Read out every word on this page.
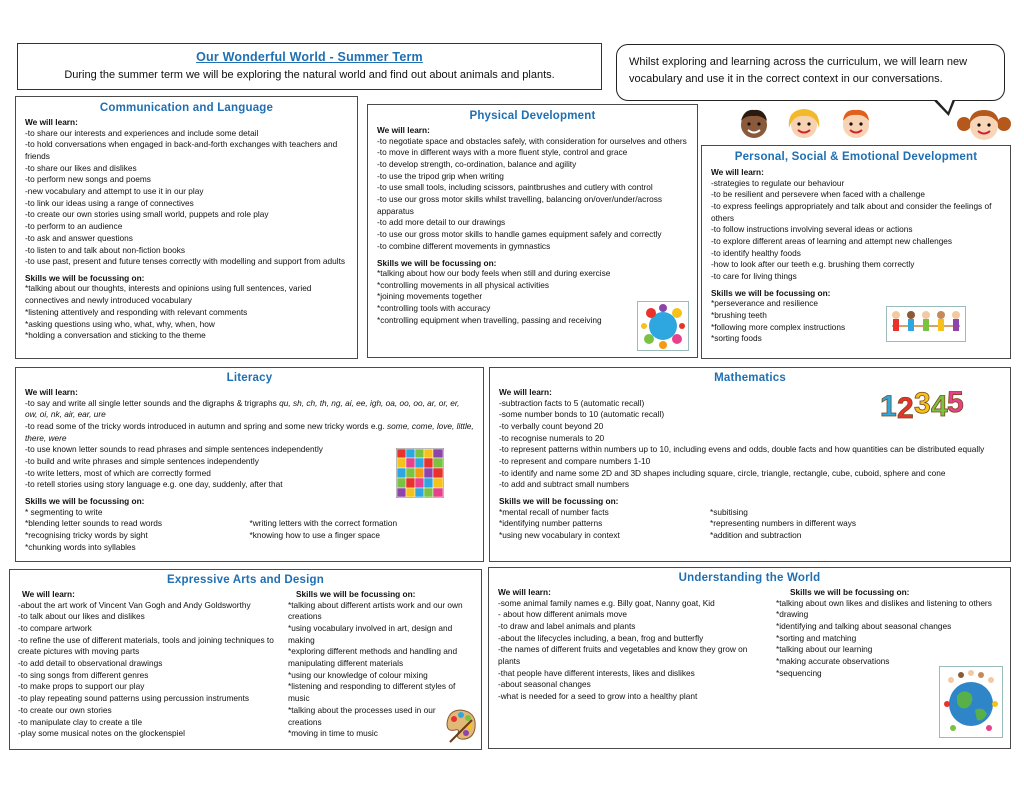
Our Wonderful World - Summer Term
During the summer term we will be exploring the natural world and find out about animals and plants.
Whilst exploring and learning across the curriculum, we will learn new vocabulary and use it in the correct context in our conversations.
Communication and Language
We will learn:
-to share our interests and experiences and include some detail
-to hold conversations when engaged in back-and-forth exchanges with teachers and friends
-to share our likes and dislikes
-to perform new songs and poems
-new vocabulary and attempt to use it in our play
-to link our ideas using a range of connectives
-to create our own stories using small world, puppets and role play
-to perform to an audience
-to ask and answer questions
-to listen to and talk about non-fiction books
-to use past, present and future tenses correctly with modelling and support from adults
Skills we will be focussing on:
*talking about our thoughts, interests and opinions using full sentences, varied connectives and newly introduced vocabulary
*listening attentively and responding with relevant comments
*asking questions using who, what, why, when, how
*holding a conversation and sticking to the theme
Physical Development
We will learn:
-to negotiate space and obstacles safely, with consideration for ourselves and others
-to move in different ways with a more fluent style, control and grace
-to develop strength, co-ordination, balance and agility
-to use the tripod grip when writing
-to use small tools, including scissors, paintbrushes and cutlery with control
-to use our gross motor skills whilst travelling, balancing on/over/under/across apparatus
-to add more detail to our drawings
-to use our gross motor skills to handle games equipment safely and correctly
-to combine different movements in gymnastics
Skills we will be focussing on:
*talking about how our body feels when still and during exercise
*controlling movements in all physical activities
*joining movements together
*controlling tools with accuracy
*controlling equipment when travelling, passing and receiving
Personal, Social & Emotional Development
We will learn:
-strategies to regulate our behaviour
-to be resilient and persevere when faced with a challenge
-to express feelings appropriately and talk about and consider the feelings of others
-to follow instructions involving several ideas or actions
-to explore different areas of learning and attempt new challenges
-to identify healthy foods
-how to look after our teeth e.g. brushing them correctly
-to care for living things
Skills we will be focussing on:
*perseverance and resilience
*brushing teeth
*following more complex instructions
*sorting foods
Literacy
We will learn:
-to say and write all single letter sounds and the digraphs & trigraphs qu, sh, ch, th, ng, ai, ee, igh, oa, oo, oo, ar, or, er, ow, oi, nk, air, ear, ure
-to read some of the tricky words introduced in autumn and spring and some new tricky words e.g. some, come, love, little, there, were
-to use known letter sounds to read phrases and simple sentences independently
-to build and write phrases and simple sentences independently
-to write letters, most of which are correctly formed
-to retell stories using story language e.g. one day, suddenly, after that
Skills we will be focussing on:
* segmenting to write
*blending letter sounds to read words
*recognising tricky words by sight
*chunking words into syllables
*writing letters with the correct formation
*knowing how to use a finger space
Mathematics
We will learn:
-subtraction facts to 5 (automatic recall)
-some number bonds to 10 (automatic recall)
-to verbally count beyond 20
-to recognise numerals to 20
-to represent patterns within numbers up to 10, including evens and odds, double facts and how quantities can be distributed equally
-to represent and compare numbers 1-10
-to identify and name some 2D and 3D shapes including square, circle, triangle, rectangle, cube, cuboid, sphere and cone
-to add and subtract small numbers
Skills we will be focussing on:
*mental recall of number facts
*identifying number patterns
*using new vocabulary in context
*subitising
*representing numbers in different ways
*addition and subtraction
1 2 3 4 5
Expressive Arts and Design
We will learn:
-about the art work of Vincent Van Gogh and Andy Goldsworthy
-to talk about our likes and dislikes
-to compare artwork
-to refine the use of different materials, tools and joining techniques to create pictures with moving parts
-to add detail to observational drawings
-to sing songs from different genres
-to make props to support our play
-to play repeating sound patterns using percussion instruments
-to create our own stories
-to manipulate clay to create a tile
-play some musical notes on the glockenspiel
Skills we will be focussing on:
*talking about different artists work and our own creations
*using vocabulary involved in art, design and making
*exploring different methods and handling and manipulating different materials
*using our knowledge of colour mixing
*listening and responding to different styles of music
*talking about the processes used in our creations
*moving in time to music
Understanding the World
We will learn:
-some animal family names e.g. Billy goat, Nanny goat, Kid
- about how different animals move
-to draw and label animals and plants
-about the lifecycles including, a bean, frog and butterfly
-the names of different fruits and vegetables and know they grow on plants
-that people have different interests, likes and dislikes
-about seasonal changes
-what is needed for a seed to grow into a healthy plant
Skills we will be focussing on:
*talking about own likes and dislikes and listening to others
*drawing
*identifying and talking about seasonal changes
*sorting and matching
*talking about our learning
*making accurate observations
*sequencing
